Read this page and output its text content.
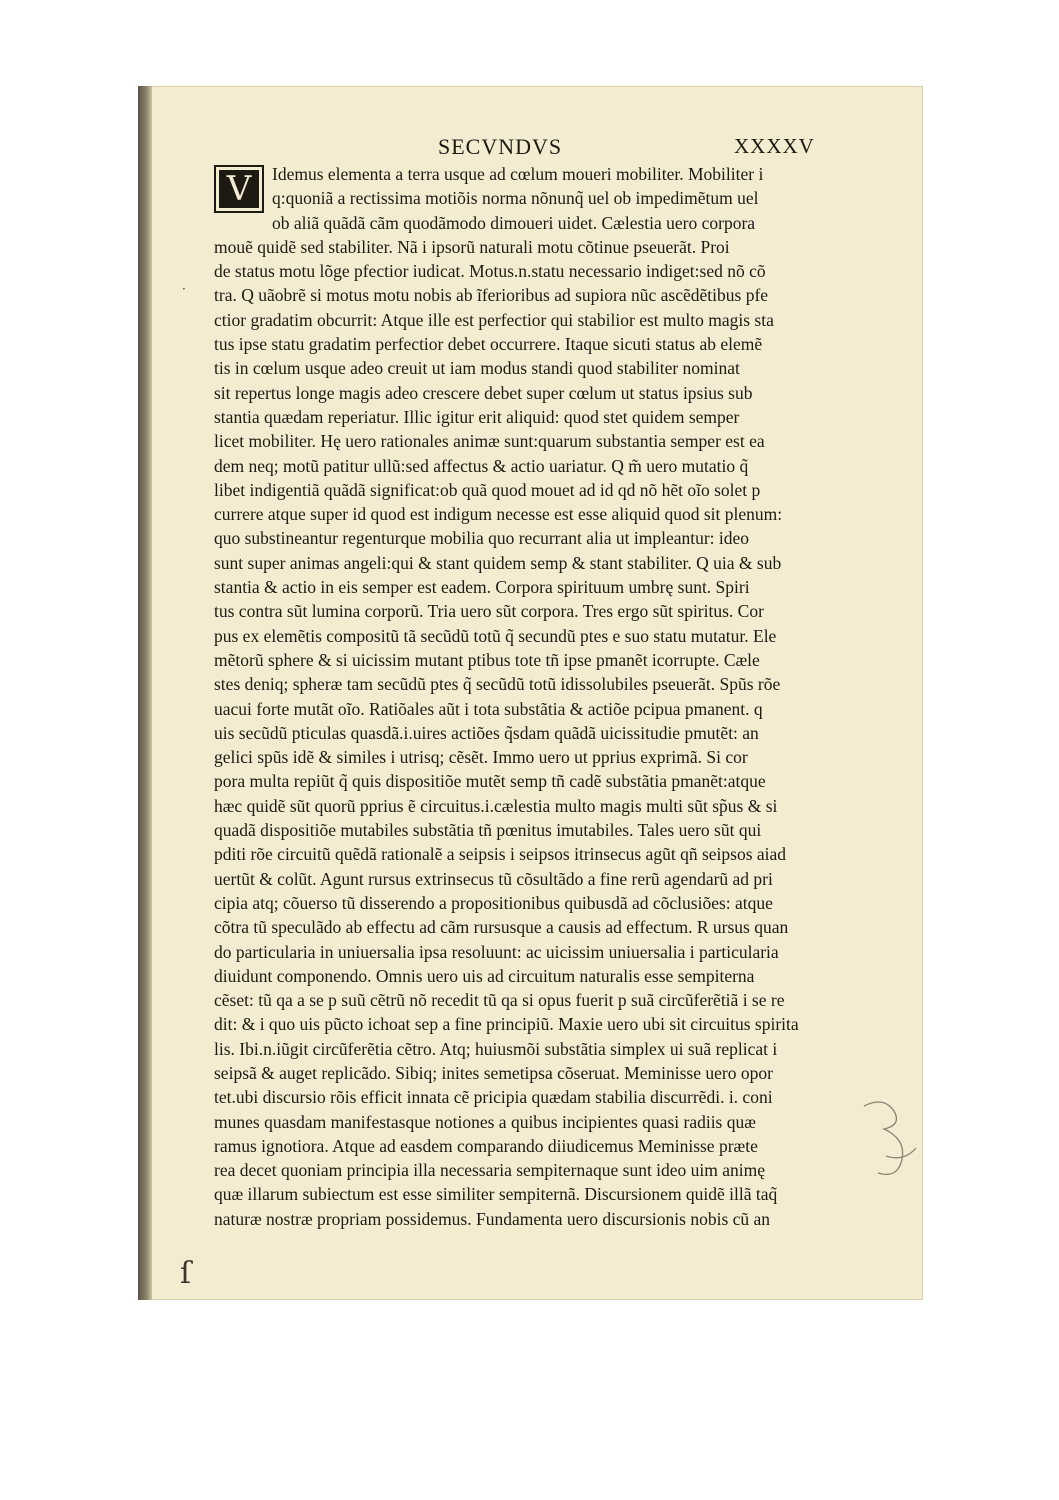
·
SECVNDVS	XXXXV
V	Idemus elementa a terra usque ad cœlum moueri mobiliter. Mobiliter i
q:quoniã a rectissima motiõis norma nõnunq̃ uel ob impedimẽtum uel
ob aliã quãdã cãm quodãmodo dimoueri uidet. Cælestia uero corpora
mouẽ quidẽ sed stabiliter. Nã i ipsorũ naturali motu cõtinue pseuerãt. Proi
de status motu lõge pfectior iudicat. Motus.n.statu necessario indiget:sed nõ cõ
tra. Q uãobrẽ si motus motu nobis ab ĩferioribus ad supiora nũc ascẽdẽtibus pfe
ctior gradatim obcurrit: Atque ille est perfectior qui stabilior est multo magis sta
tus ipse statu gradatim perfectior debet occurrere. Itaque sicuti status ab elemẽ
tis in cœlum usque adeo creuit ut iam modus standi quod stabiliter nominat
sit repertus longe magis adeo crescere debet super cœlum ut status ipsius sub
stantia quædam reperiatur. Illic igitur erit aliquid: quod stet quidem semper
licet mobiliter. Hę uero rationales animæ sunt:quarum substantia semper est ea
dem neq; motũ patitur ullũ:sed affectus & actio uariatur. Q m̃ uero mutatio q̃
libet indigentiã quãdã significat:ob quã quod mouet ad id qd nõ hẽt oĩo solet p
currere atque super id quod est indigum necesse est esse aliquid quod sit plenum:
quo substineantur regenturque mobilia quo recurrant alia ut impleantur: ideo
sunt super animas angeli:qui & stant quidem semp & stant stabiliter. Q uia & sub
stantia & actio in eis semper est eadem. Corpora spirituum umbrę sunt. Spiri
tus contra sũt lumina corporũ. Tria uero sũt corpora. Tres ergo sũt spiritus. Cor
pus ex elemẽtis compositũ tã secũdũ totũ q̃ secundũ ptes e suo statu mutatur. Ele
mẽtorũ sphere & si uicissim mutant ptibus tote tñ ipse pmanẽt icorrupte. Cæle
stes deniq; spheræ tam secũdũ ptes q̃ secũdũ totũ idissolubiles pseuerãt. Spũs rõe
uacui forte mutãt oĩo. Ratiõales aũt i tota substãtia & actiõe pcipua pmanent. q
uis secũdũ pticulas quasdã.i.uires actiões q̃sdam quãdã uicissitudie pmutẽt: an
gelici spũs idẽ & similes i utrisq; cẽsẽt. Immo uero ut pprius exprimã. Si cor
pora multa repiũt q̃ quis dispositiõe mutẽt semp tñ cadẽ substãtia pmanẽt:atque
hæc quidẽ sũt quorũ pprius ẽ circuitus.i.cælestia multo magis multi sũt sp̃us & si
quadã dispositiõe mutabiles substãtia tñ pœnitus imutabiles. Tales uero sũt qui
pditi rõe circuitũ quẽdã rationalẽ a seipsis i seipsos itrinsecus agũt qñ seipsos aiad
uertũt & colũt. Agunt rursus extrinsecus tũ cõsultãdo a fine rerũ agendarũ ad pri
cipia atq; cõuerso tũ disserendo a propositionibus quibusdã ad cõclusiões: atque
cõtra tũ speculãdo ab effectu ad cãm rursusque a causis ad effectum. R ursus quan
do particularia in uniuersalia ipsa resoluunt: ac uicissim uniuersalia i particularia
diuidunt componendo. Omnis uero uis ad circuitum naturalis esse sempiterna
cẽset: tũ qa a se p suũ cẽtrũ nõ recedit tũ qa si opus fuerit p suã circũferẽtiã i se re
dit: & i quo uis pũcto ichoat sep a fine principiũ. Maxie uero ubi sit circuitus spirita
lis. Ibi.n.iũgit circũferẽtia cẽtro. Atq; huiusmõi substãtia simplex ui suã replicat i
seipsã & auget replicãdo. Sibiq; inites semetipsa cõseruat. Meminisse uero opor
tet.ubi discursio rõis efficit innata cẽ pricipia quædam stabilia discurrẽdi. i. coni
munes quasdam manifestasque notiones a quibus incipientes quasi radiis quæ
ramus ignotiora. Atque ad easdem comparando diiudicemus Meminisse præte
rea decet quoniam principia illa necessaria sempiternaque sunt ideo uim animę
quæ illarum subiectum est esse similiter sempiternã. Discursionem quidẽ illã taq̃
naturæ nostræ propriam possidemus. Fundamenta uero discursionis nobis cũ an
ſ
